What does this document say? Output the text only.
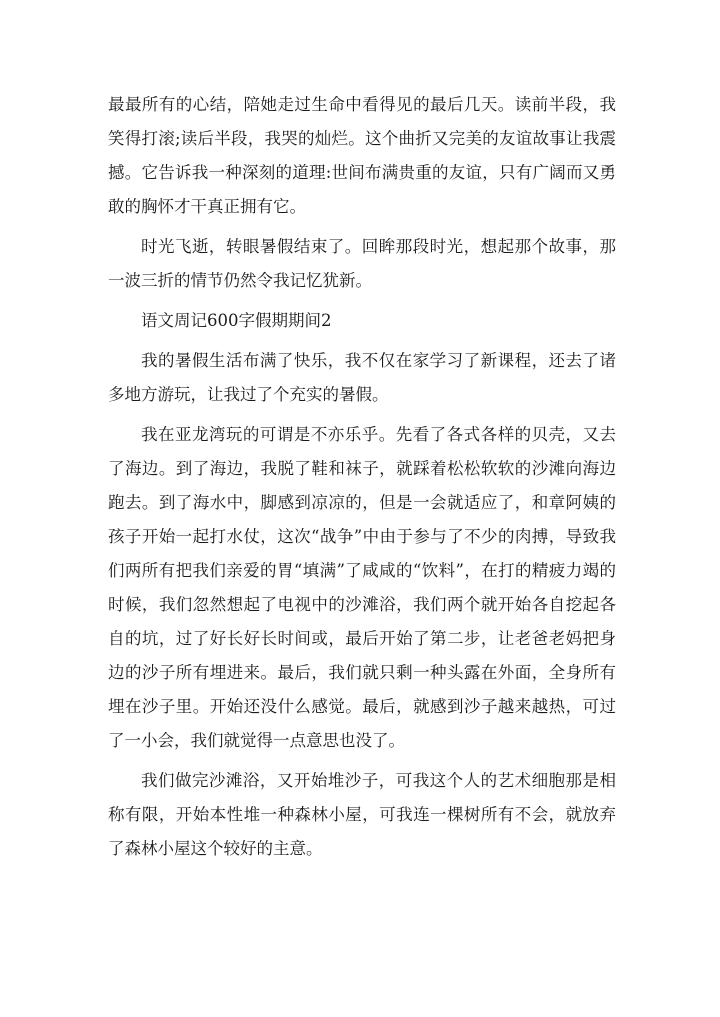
最最所有的心结，陪她走过生命中看得见的最后几天。读前半段，我笑得打滚;读后半段，我哭的灿烂。这个曲折又完美的友谊故事让我震撼。它告诉我一种深刻的道理:世间布满贵重的友谊，只有广阔而又勇敢的胸怀才干真正拥有它。

时光飞逝，转眼暑假结束了。回眸那段时光，想起那个故事，那一波三折的情节仍然令我记忆犹新。

语文周记600字假期期间2

我的暑假生活布满了快乐，我不仅在家学习了新课程，还去了诸多地方游玩，让我过了个充实的暑假。

我在亚龙湾玩的可谓是不亦乐乎。先看了各式各样的贝壳，又去了海边。到了海边，我脱了鞋和袜子，就踩着松松软软的沙滩向海边跑去。到了海水中，脚感到凉凉的，但是一会就适应了，和章阿姨的孩子开始一起打水仗，这次“战争”中由于参与了不少的肉搏，导致我们两所有把我们亲爱的胃“填满”了咸咸的“饮料”，在打的精疲力竭的时候，我们忽然想起了电视中的沙滩浴，我们两个就开始各自挖起各自的坑，过了好长好长时间或，最后开始了第二步，让老爸老妈把身边的沙子所有埋进来。最后，我们就只剩一种头露在外面，全身所有埋在沙子里。开始还没什么感觉。最后，就感到沙子越来越热，可过了一小会，我们就觉得一点意思也没了。

我们做完沙滩浴，又开始堆沙子，可我这个人的艺术细胞那是相称有限，开始本性堆一种森林小屋，可我连一棵树所有不会，就放弃了森林小屋这个较好的主意。
